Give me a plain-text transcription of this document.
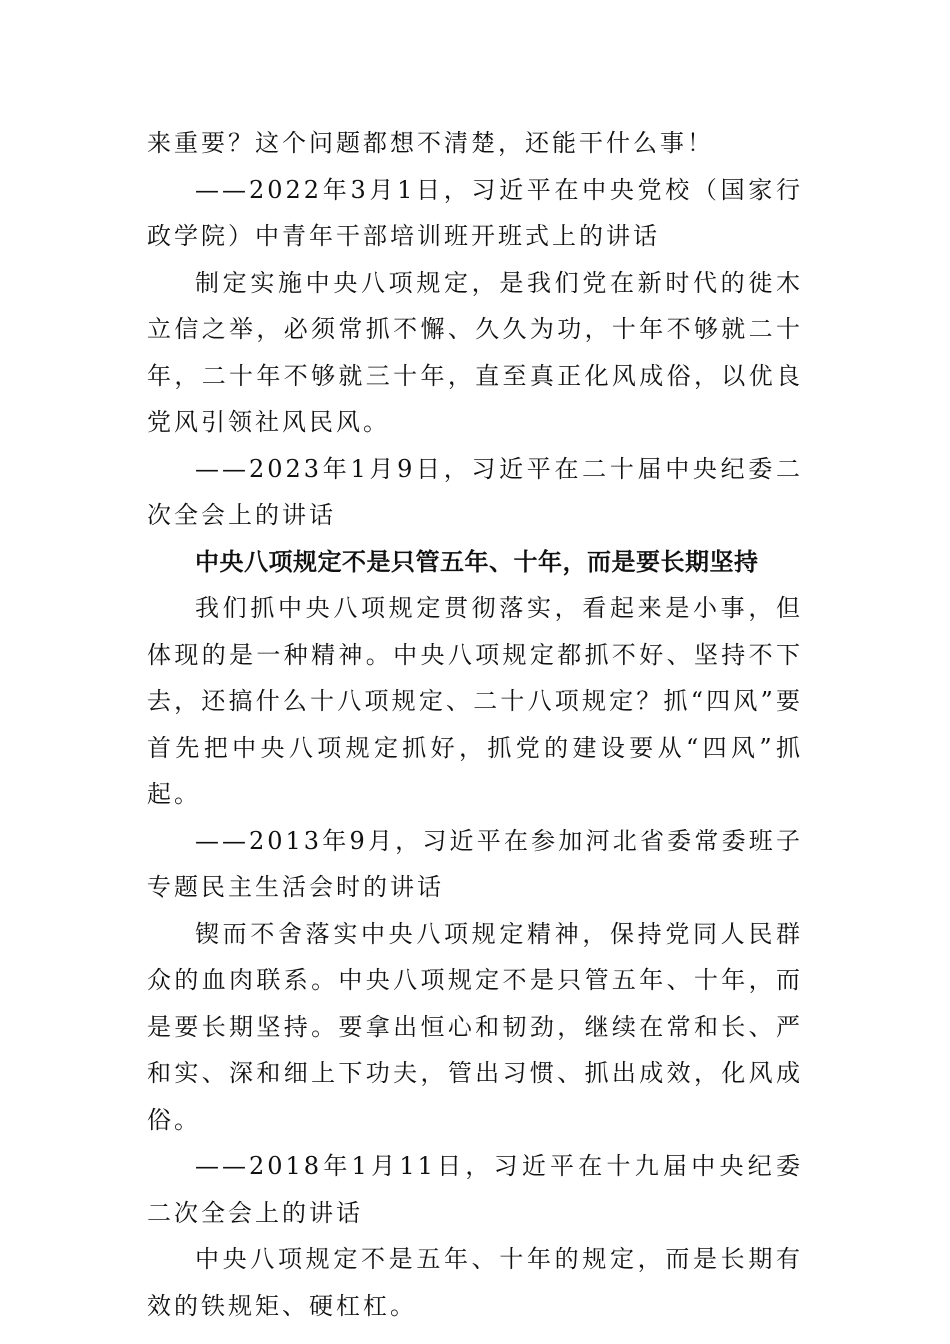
来重要？这个问题都想不清楚，还能干什么事！

——2022年3月1日，习近平在中央党校（国家行政学院）中青年干部培训班开班式上的讲话

制定实施中央八项规定，是我们党在新时代的徙木立信之举，必须常抓不懈、久久为功，十年不够就二十年，二十年不够就三十年，直至真正化风成俗，以优良党风引领社风民风。

——2023年1月9日，习近平在二十届中央纪委二次全会上的讲话

中央八项规定不是只管五年、十年，而是要长期坚持

我们抓中央八项规定贯彻落实，看起来是小事，但体现的是一种精神。中央八项规定都抓不好、坚持不下去，还搞什么十八项规定、二十八项规定？抓“四风”要首先把中央八项规定抓好，抓党的建设要从“四风”抓起。

——2013年9月，习近平在参加河北省委常委班子专题民主生活会时的讲话

锲而不舍落实中央八项规定精神，保持党同人民群众的血肉联系。中央八项规定不是只管五年、十年，而是要长期坚持。要拿出恒心和韧劲，继续在常和长、严和实、深和细上下功夫，管出习惯、抓出成效，化风成俗。

——2018年1月11日，习近平在十九届中央纪委二次全会上的讲话

中央八项规定不是五年、十年的规定，而是长期有效的铁规矩、硬杠杠。
